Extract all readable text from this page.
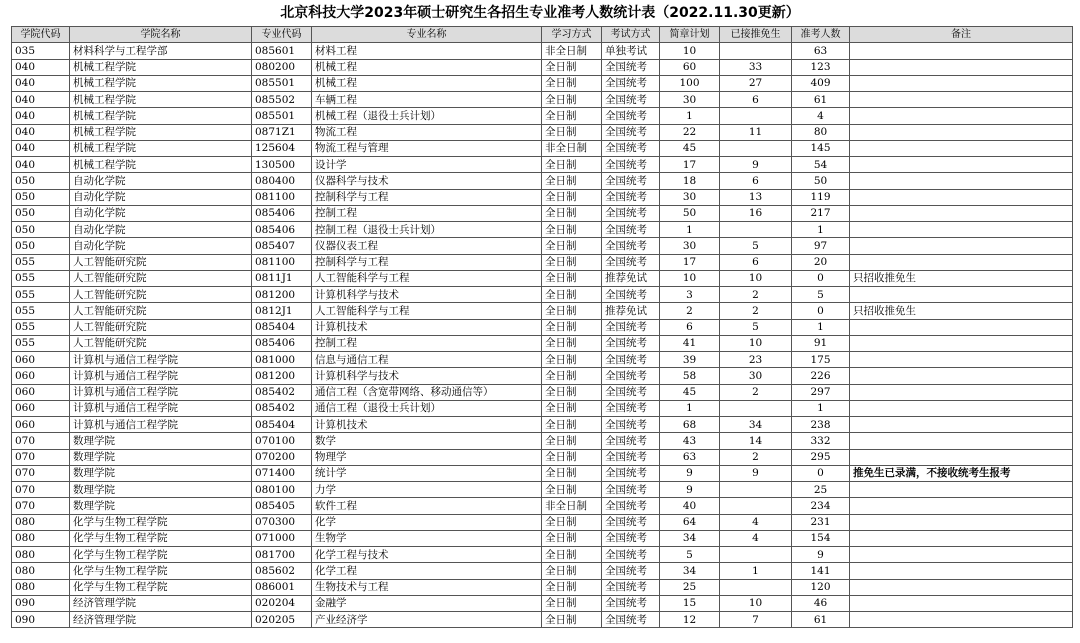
北京科技大学2023年硕士研究生各招生专业准考人数统计表（2022.11.30更新）
学院代码	学院名称	专业代码	专业名称	学习方式	考试方式	简章计划	已接推免生	准考人数	备注
035	材料科学与工程学部	085601	材料工程	非全日制	单独考试	10		63	
040	机械工程学院	080200	机械工程	全日制	全国统考	60	33	123	
040	机械工程学院	085501	机械工程	全日制	全国统考	100	27	409	
040	机械工程学院	085502	车辆工程	全日制	全国统考	30	6	61	
040	机械工程学院	085501	机械工程（退役士兵计划）	全日制	全国统考	1		4	
040	机械工程学院	0871Z1	物流工程	全日制	全国统考	22	11	80	
040	机械工程学院	125604	物流工程与管理	非全日制	全国统考	45		145	
040	机械工程学院	130500	设计学	全日制	全国统考	17	9	54	
050	自动化学院	080400	仪器科学与技术	全日制	全国统考	18	6	50	
050	自动化学院	081100	控制科学与工程	全日制	全国统考	30	13	119	
050	自动化学院	085406	控制工程	全日制	全国统考	50	16	217	
050	自动化学院	085406	控制工程（退役士兵计划）	全日制	全国统考	1		1	
050	自动化学院	085407	仪器仪表工程	全日制	全国统考	30	5	97	
055	人工智能研究院	081100	控制科学与工程	全日制	全国统考	17	6	20	
055	人工智能研究院	0811J1	人工智能科学与工程	全日制	推荐免试	10	10	0	只招收推免生
055	人工智能研究院	081200	计算机科学与技术	全日制	全国统考	3	2	5	
055	人工智能研究院	0812J1	人工智能科学与工程	全日制	推荐免试	2	2	0	只招收推免生
055	人工智能研究院	085404	计算机技术	全日制	全国统考	6	5	1	
055	人工智能研究院	085406	控制工程	全日制	全国统考	41	10	91	
060	计算机与通信工程学院	081000	信息与通信工程	全日制	全国统考	39	23	175	
060	计算机与通信工程学院	081200	计算机科学与技术	全日制	全国统考	58	30	226	
060	计算机与通信工程学院	085402	通信工程（含宽带网络、移动通信等）	全日制	全国统考	45	2	297	
060	计算机与通信工程学院	085402	通信工程（退役士兵计划）	全日制	全国统考	1		1	
060	计算机与通信工程学院	085404	计算机技术	全日制	全国统考	68	34	238	
070	数理学院	070100	数学	全日制	全国统考	43	14	332	
070	数理学院	070200	物理学	全日制	全国统考	63	2	295	
070	数理学院	071400	统计学	全日制	全国统考	9	9	0	推免生已录满，不接收统考生报考
070	数理学院	080100	力学	全日制	全国统考	9		25	
070	数理学院	085405	软件工程	非全日制	全国统考	40		234	
080	化学与生物工程学院	070300	化学	全日制	全国统考	64	4	231	
080	化学与生物工程学院	071000	生物学	全日制	全国统考	34	4	154	
080	化学与生物工程学院	081700	化学工程与技术	全日制	全国统考	5		9	
080	化学与生物工程学院	085602	化学工程	全日制	全国统考	34	1	141	
080	化学与生物工程学院	086001	生物技术与工程	全日制	全国统考	25		120	
090	经济管理学院	020204	金融学	全日制	全国统考	15	10	46	
090	经济管理学院	020205	产业经济学	全日制	全国统考	12	7	61	
